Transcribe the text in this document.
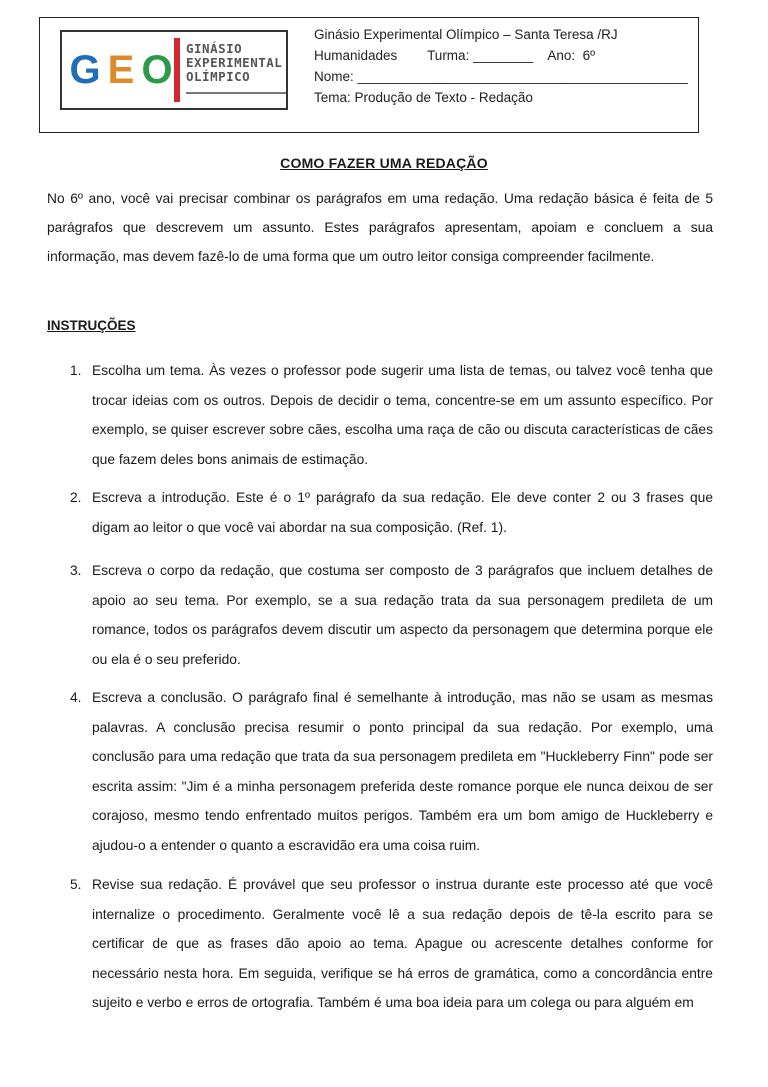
G E O GINÁSIO
EXPERIMENTAL
OLÍMPICO
Ginásio Experimental Olímpico – Santa Teresa /RJ
Humanidades        Turma: ________    Ano:  6º
Nome: ____________________________________________
Tema: Produção de Texto - Redação
COMO FAZER UMA REDAÇÃO
No 6º ano, você vai precisar combinar os parágrafos em uma redação. Uma redação básica é feita de 5 parágrafos que descrevem um assunto. Estes parágrafos apresentam, apoiam e concluem a sua informação, mas devem fazê-lo de uma forma que um outro leitor consiga compreender facilmente.
INSTRUÇÕES
1. Escolha um tema. Às vezes o professor pode sugerir uma lista de temas, ou talvez você tenha que trocar ideias com os outros. Depois de decidir o tema, concentre-se em um assunto específico. Por exemplo, se quiser escrever sobre cães, escolha uma raça de cão ou discuta características de cães que fazem deles bons animais de estimação.
2. Escreva a introdução. Este é o 1º parágrafo da sua redação. Ele deve conter 2 ou 3 frases que digam ao leitor o que você vai abordar na sua composição. (Ref. 1).
3. Escreva o corpo da redação, que costuma ser composto de 3 parágrafos que incluem detalhes de apoio ao seu tema. Por exemplo, se a sua redação trata da sua personagem predileta de um romance, todos os parágrafos devem discutir um aspecto da personagem que determina porque ele ou ela é o seu preferido.
4. Escreva a conclusão. O parágrafo final é semelhante à introdução, mas não se usam as mesmas palavras. A conclusão precisa resumir o ponto principal da sua redação. Por exemplo, uma conclusão para uma redação que trata da sua personagem predileta em "Huckleberry Finn" pode ser escrita assim: "Jim é a minha personagem preferida deste romance porque ele nunca deixou de ser corajoso, mesmo tendo enfrentado muitos perigos. Também era um bom amigo de Huckleberry e ajudou-o a entender o quanto a escravidão era uma coisa ruim.
5. Revise sua redação. É provável que seu professor o instrua durante este processo até que você internalize o procedimento. Geralmente você lê a sua redação depois de tê-la escrito para se certificar de que as frases dão apoio ao tema. Apague ou acrescente detalhes conforme for necessário nesta hora. Em seguida, verifique se há erros de gramática, como a concordância entre sujeito e verbo e erros de ortografia. Também é uma boa ideia para um colega ou para alguém em
